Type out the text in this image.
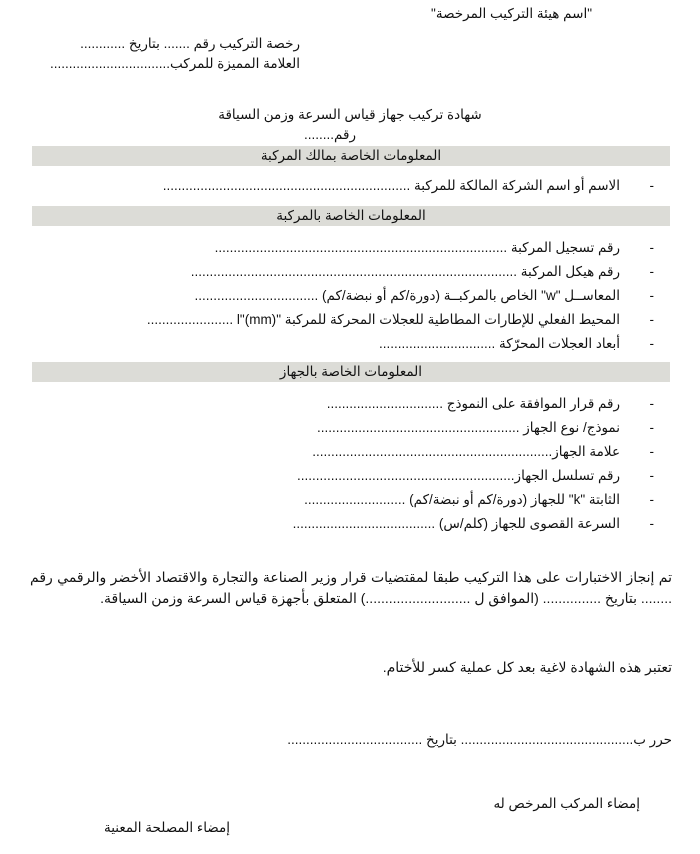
"اسم هيئة التركيب المرخصة"
رخصة التركيب رقم ....... بتاريخ ............
العلامة المميزة للمركب................................
شهادة تركيب جهاز قياس السرعة وزمن السياقة
رقم........
المعلومات الخاصة بمالك المركبة
-
الاسم أو اسم الشركة المالكة للمركبة ..................................................................
المعلومات الخاصة بالمركبة
-
رقم تسجيل المركبة ..............................................................................
-
رقم هيكل المركبة .......................................................................................
-
المعاســل "w" الخاص بالمركبــة (دورة/كم أو نبضة/كم) .................................
-
المحيط الفعلي للإطارات المطاطية للعجلات المحركة للمركبة "l"(mm) .......................
-
أبعاد العجلات المحرّكة ...............................
المعلومات الخاصة بالجهاز
-
رقم قرار الموافقة على النموذج ...............................
-
نموذج/ نوع الجهاز ......................................................
-
علامة الجهاز................................................................
-
رقم تسلسل الجهاز..........................................................
-
الثابتة "k" للجهاز (دورة/كم أو نبضة/كم) ...........................
-
السرعة القصوى للجهاز (كلم/س) ......................................
تم إنجاز الاختبارات على هذا التركيب طبقا لمقتضيات قرار وزير الصناعة والتجارة والاقتصاد الأخضر والرقمي رقم ........ بتاريخ ............... (الموافق ل ...........................) المتعلق بأجهزة قياس السرعة وزمن السياقة.
تعتبر هذه الشهادة لاغية بعد كل عملية كسر للأختام.
حرر ب.............................................. بتاريخ ....................................
إمضاء المركب المرخص له
إمضاء المصلحة المعنية
